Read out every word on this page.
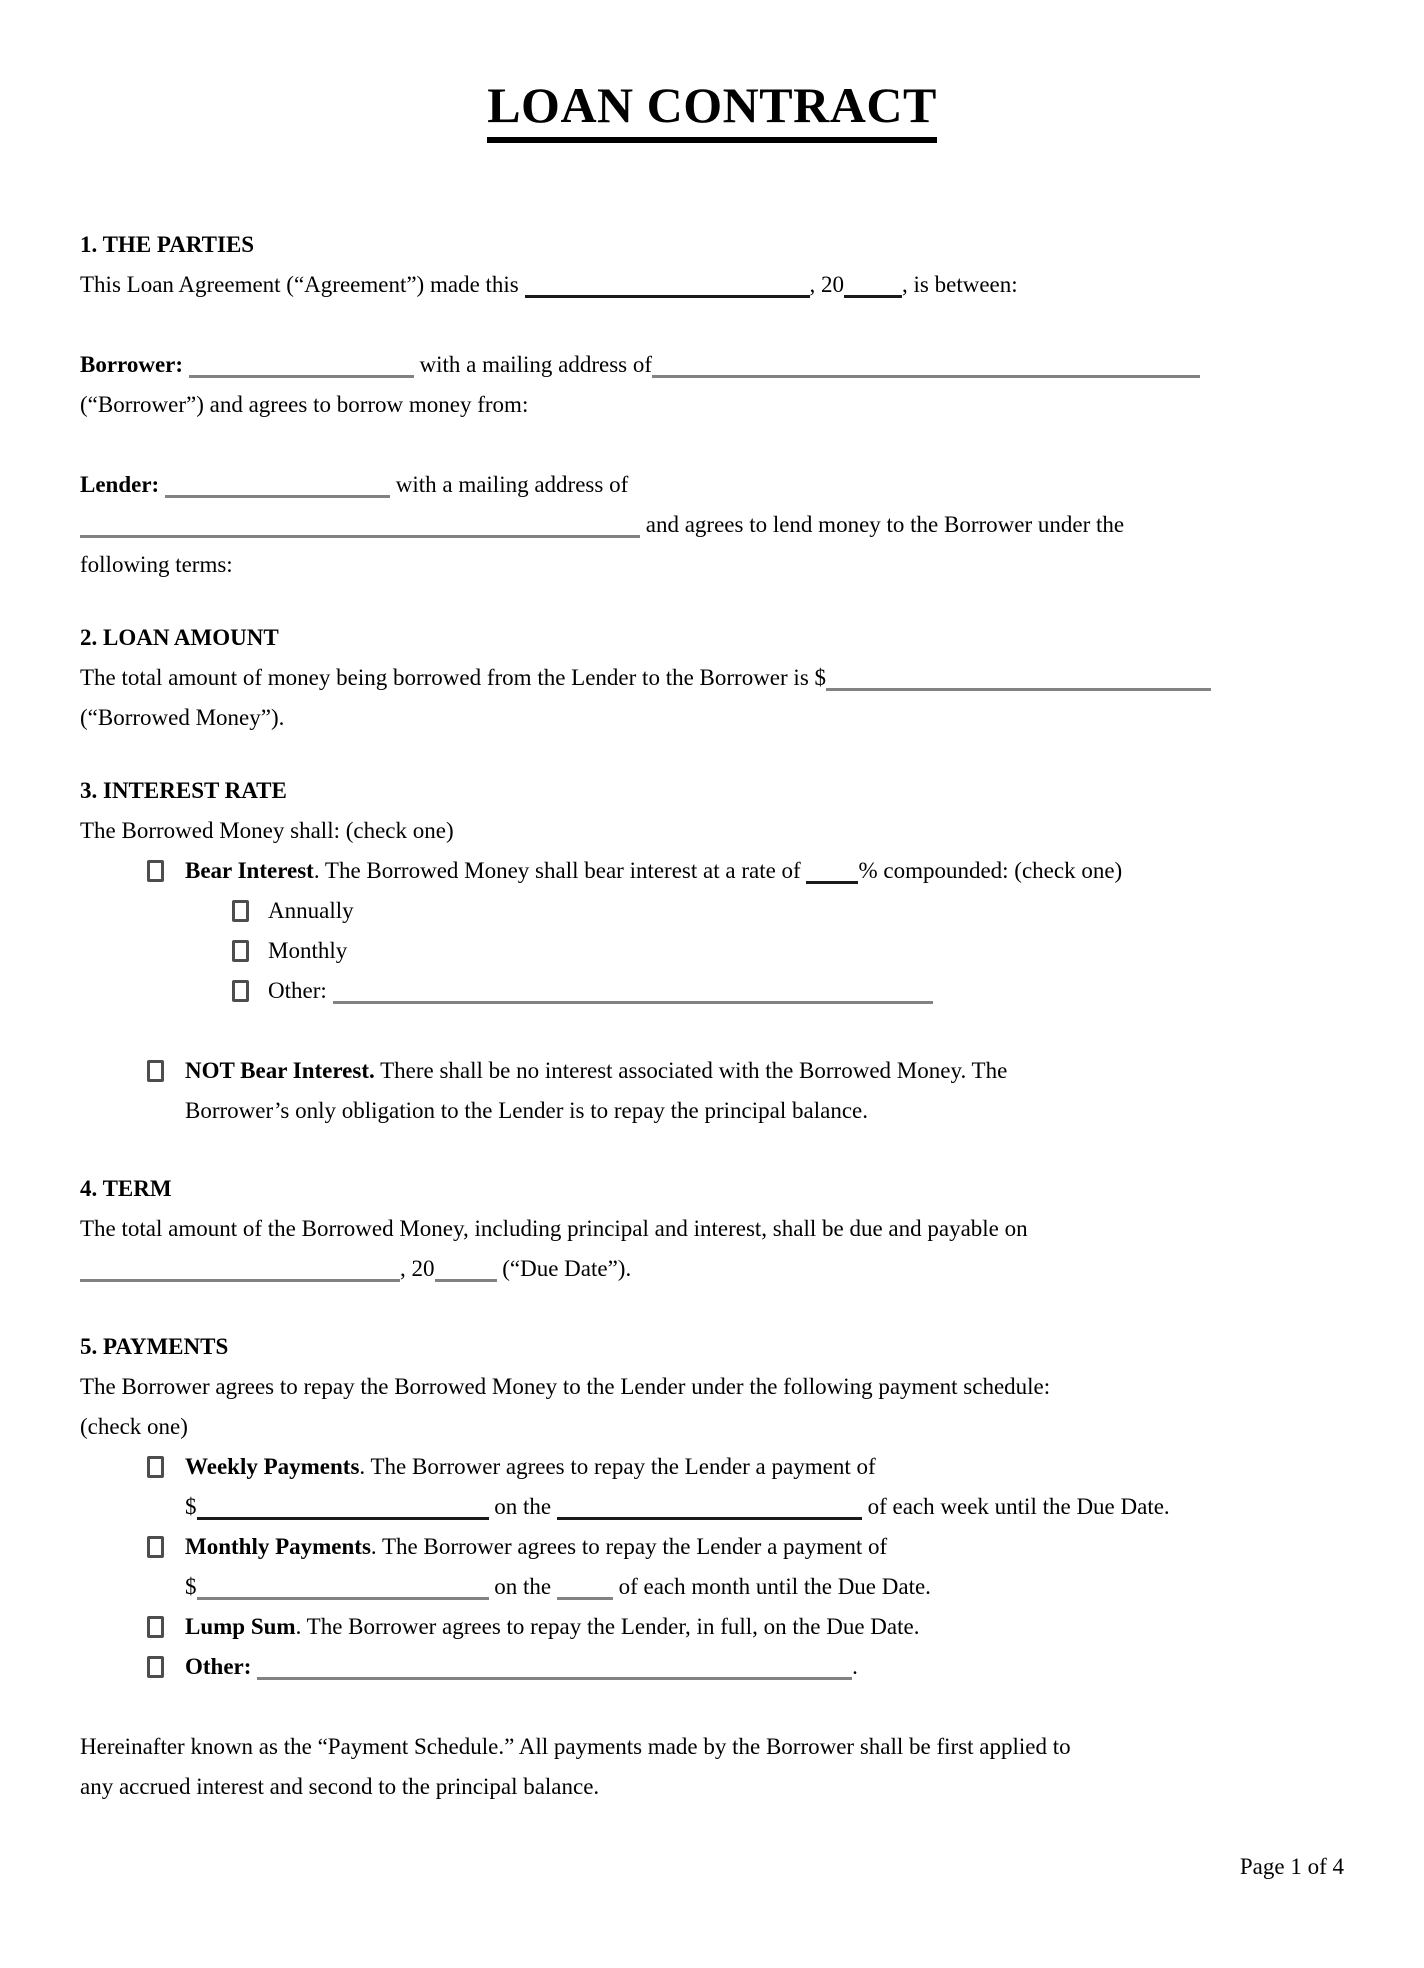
LOAN CONTRACT
1. THE PARTIES

This Loan Agreement (“Agreement”) made this	, 20	, is between:

Borrower:	with a mailing address of
(“Borrower”) and agrees to borrow money from:

Lender:	with a mailing address of
and agrees to lend money to the Borrower under the
following terms:

2. LOAN AMOUNT

The total amount of money being borrowed from the Lender to the Borrower is $
(“Borrowed Money”).

3. INTEREST RATE

The Borrowed Money shall: (check one)

Bear Interest. The Borrowed Money shall bear interest at a rate of % compounded: (check one)
Annually
Monthly
Other:
NOT Bear Interest. There shall be no interest associated with the Borrowed Money. The
Borrower’s only obligation to the Lender is to repay the principal balance.
4. TERM

The total amount of the Borrowed Money, including principal and interest, shall be due and payable on
, 20	(“Due Date”).

5. PAYMENTS

The Borrower agrees to repay the Borrowed Money to the Lender under the following payment schedule:
(check one)

Weekly Payments. The Borrower agrees to repay the Lender a payment of
$	on the	of each week until the Due Date.
Monthly Payments. The Borrower agrees to repay the Lender a payment of
$	on the  of each month until the Due Date.
Lump Sum. The Borrower agrees to repay the Lender, in full, on the Due Date.
Other:	.

Hereinafter known as the “Payment Schedule.” All payments made by the Borrower shall be first applied to
any accrued interest and second to the principal balance.

Page 1 of 4
